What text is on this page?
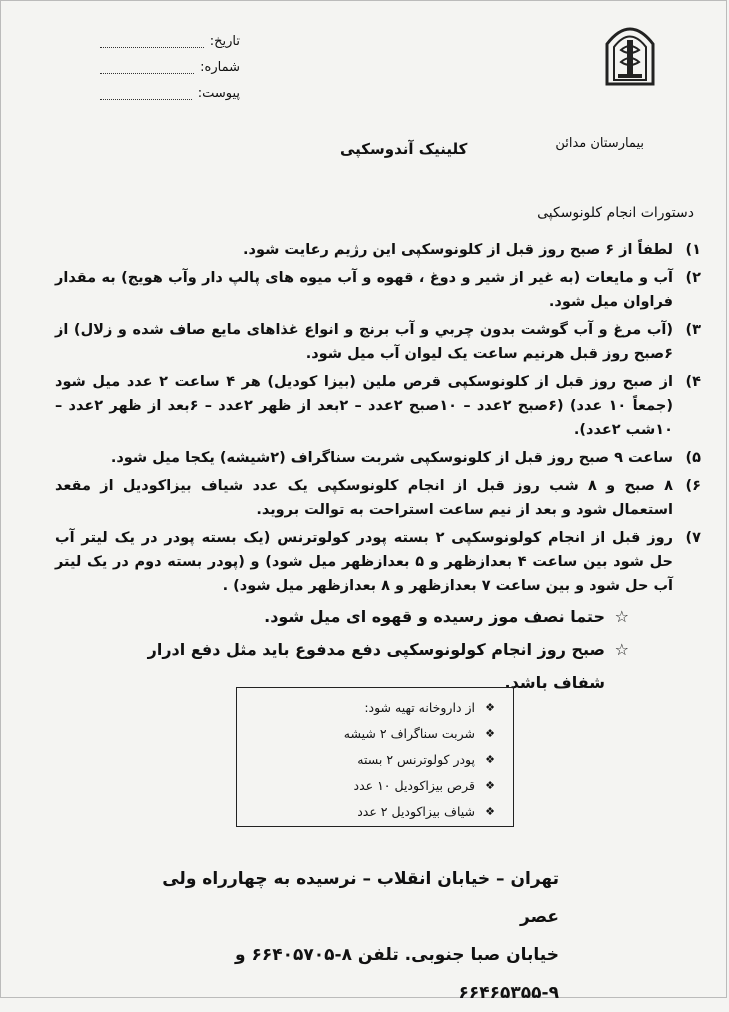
تاریخ:
شماره:
پیوست:
بیمارستان مدائن
کلینیک آندوسکپی
دستورات انجام کلونوسکپی
۱)
لطفاً از ۶ صبح روز قبل از کلونوسکپی این رژیم رعایت شود.
۲)
آب و مایعات (به غیر از شیر و دوغ ، قهوه و آب میوه های پالپ دار وآب هویج) به مقدار فراوان میل شود.
۳)
(آب مرغ و آب گوشت بدون چربي و آب برنج و انواع غذاهای مایع صاف شده و زلال) از ۶صبح روز قبل هرنیم ساعت یک لیوان آب میل شود.
۴)
از صبح روز قبل از کلونوسکپی قرص ملین (بیزا کودیل) هر ۴ ساعت ۲ عدد میل شود (جمعاً ۱۰ عدد) (۶صبح ۲عدد – ۱۰صبح ۲عدد – ۲بعد از ظهر ۲عدد – ۶بعد از ظهر ۲عدد – ۱۰شب ۲عدد).
۵)
ساعت ۹ صبح روز قبل از کلونوسکپی شربت سناگراف (۲شیشه) یکجا میل شود.
۶)
۸ صبح و ۸ شب روز قبل از انجام کلونوسکپی یک عدد شیاف بیزاکودیل از مقعد استعمال شود و بعد از نیم ساعت استراحت به توالت بروید.
۷)
روز قبل از انجام کولونوسکپی ۲ بسته پودر کولوترنس (یک بسته پودر در یک لیتر آب حل شود بین ساعت ۴ بعدازظهر و ۵ بعدازظهر میل شود) و (پودر بسته دوم در یک لیتر آب حل شود و بین ساعت ۷ بعدازظهر و ۸ بعدازظهر میل شود) .
☆
حتما نصف موز رسیده و قهوه ای میل شود.
☆
صبح روز انجام کولونوسکپی دفع مدفوع باید مثل دفع ادرار شفاف باشد.
❖
از داروخانه تهیه شود:
❖
شربت سناگراف ۲ شیشه
❖
پودر کولوترنس ۲ بسته
❖
قرص بیزاکودیل ۱۰ عدد
❖
شیاف بیزاکودیل ۲ عدد
تهران – خیابان انقلاب – نرسیده به چهارراه ولی عصر
خیابان صبا جنوبی. تلفن ۸-۶۶۴۰۵۷۰۵ و ۹-۶۶۴۶۵۳۵۵
